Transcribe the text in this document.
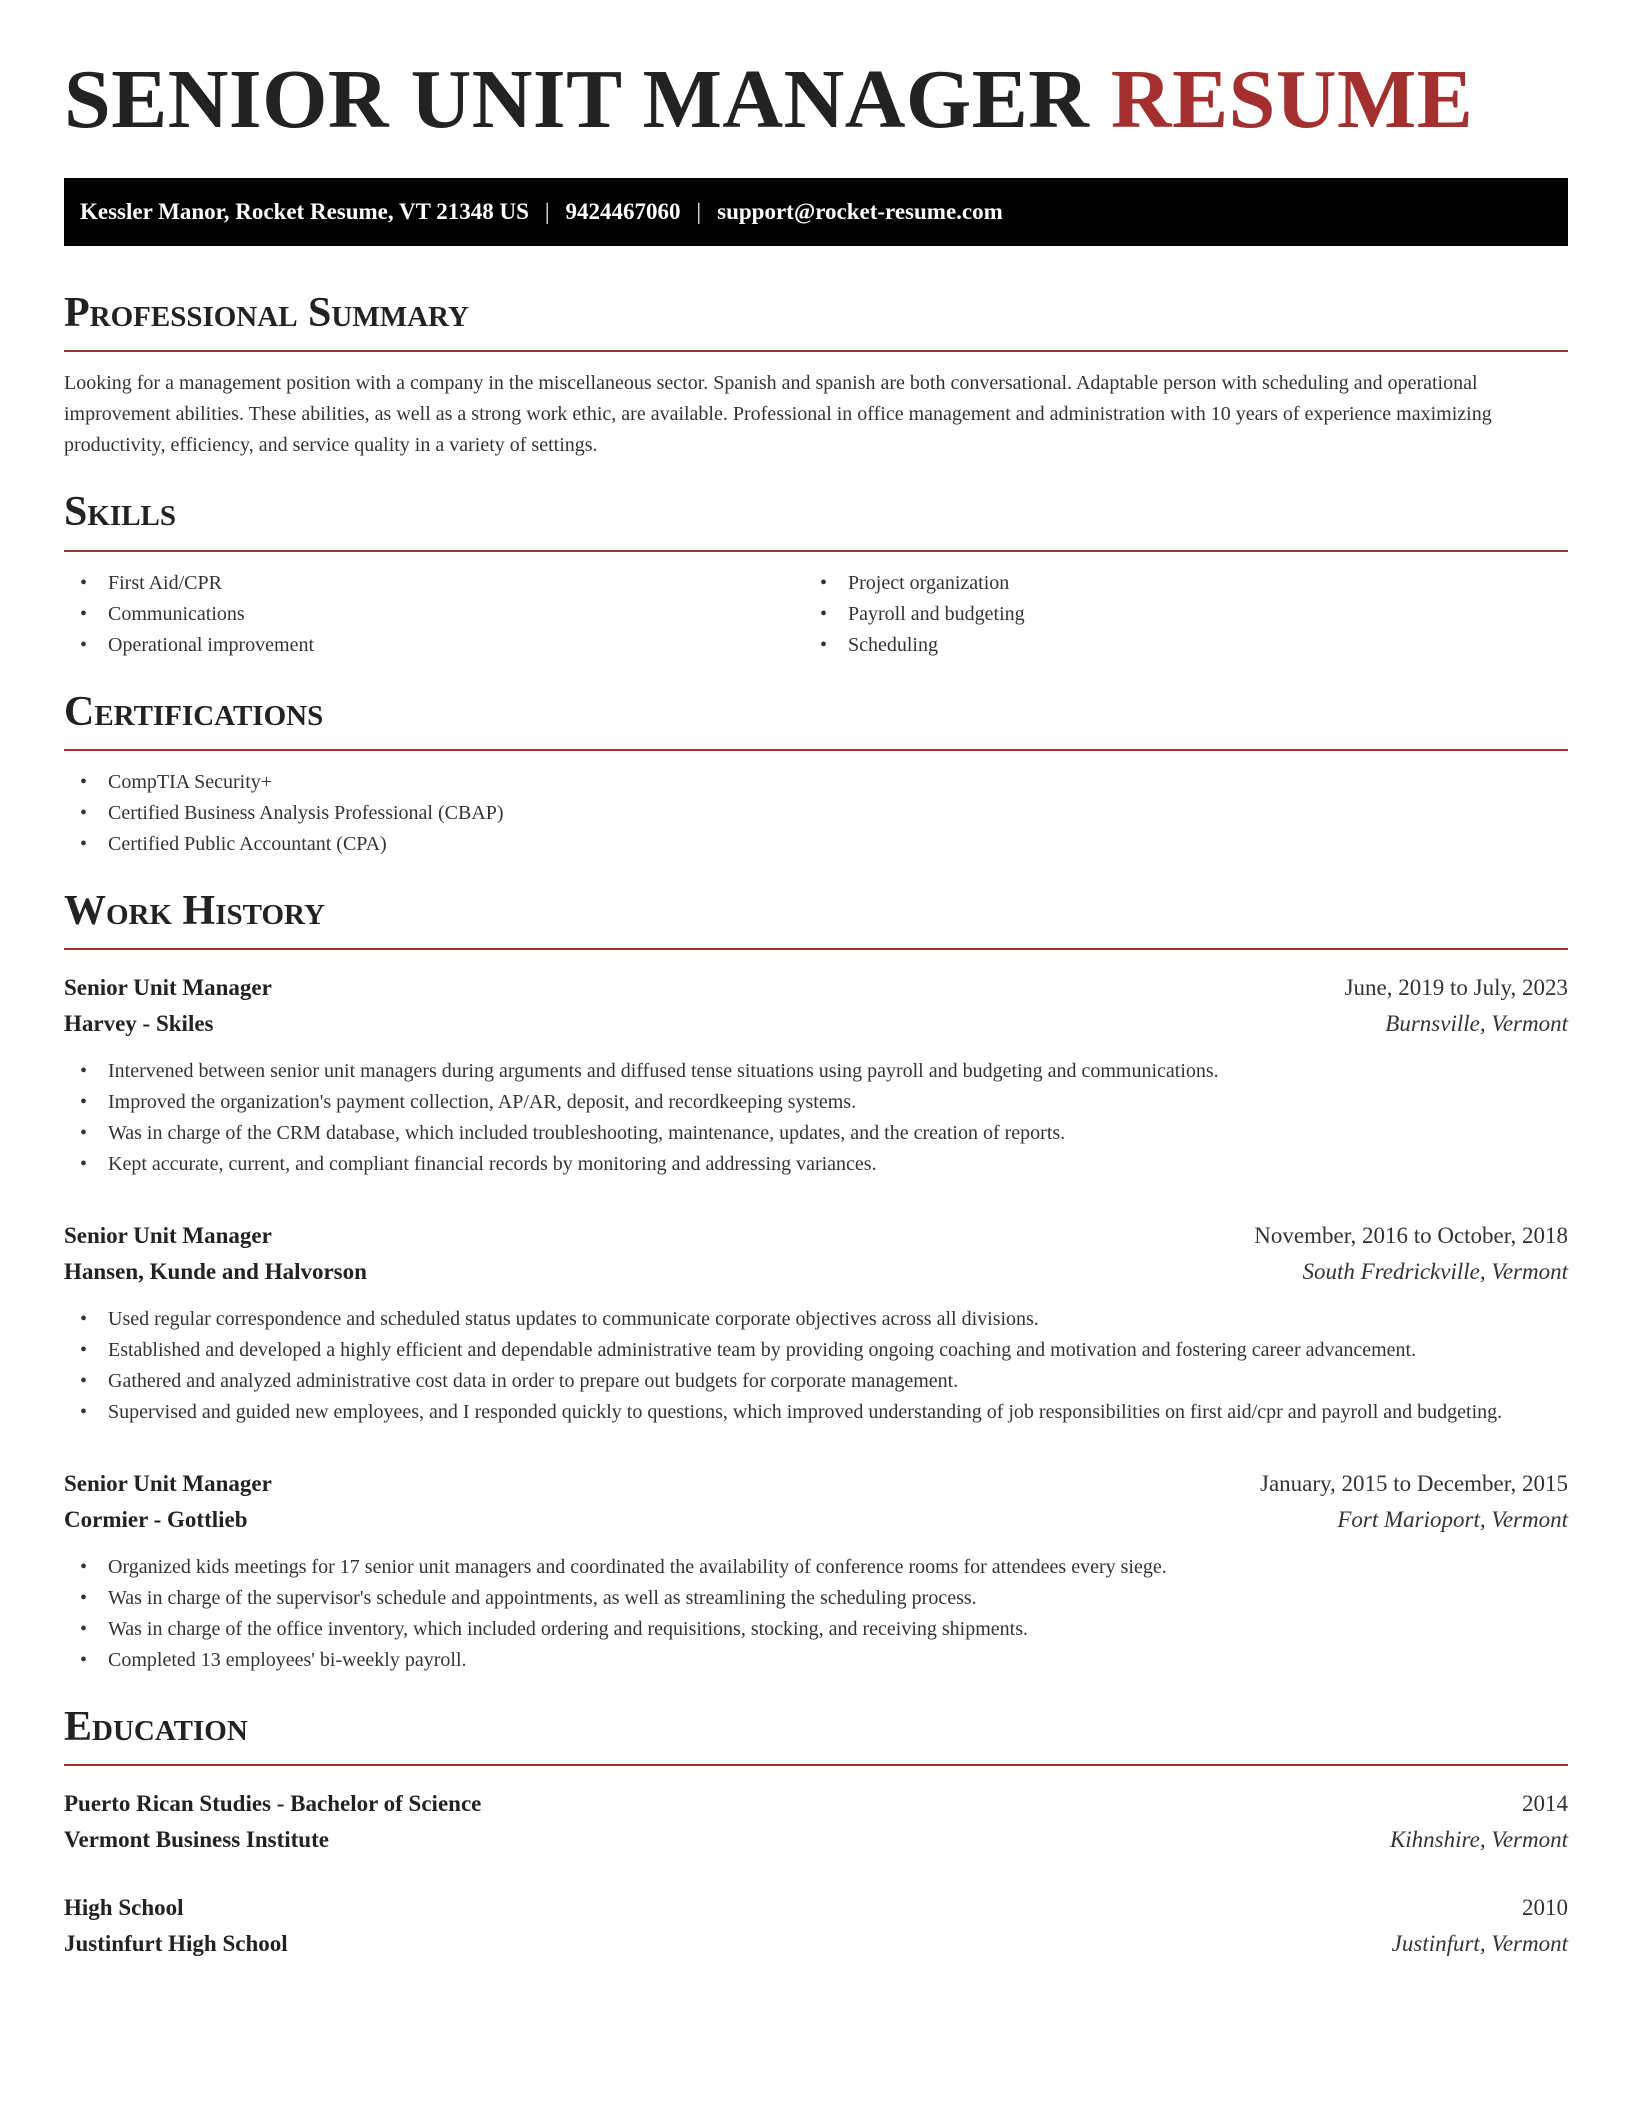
SENIOR UNIT MANAGER RESUME
Kessler Manor, Rocket Resume, VT 21348 US | 9424467060 | support@rocket-resume.com
Professional Summary

Looking for a management position with a company in the miscellaneous sector. Spanish and spanish are both conversational. Adaptable person with scheduling and operational improvement abilities. These abilities, as well as a strong work ethic, are available. Professional in office management and administration with 10 years of experience maximizing productivity, efficiency, and service quality in a variety of settings.

Skills
• First Aid/CPR
• Communications
• Operational improvement
• Project organization
• Payroll and budgeting
• Scheduling
Certifications
• CompTIA Security+
• Certified Business Analysis Professional (CBAP)
• Certified Public Accountant (CPA)
Work History
Senior Unit Manager	June, 2019 to July, 2023
Harvey - Skiles	Burnsville, Vermont
• Intervened between senior unit managers during arguments and diffused tense situations using payroll and budgeting and communications.
• Improved the organization's payment collection, AP/AR, deposit, and recordkeeping systems.
• Was in charge of the CRM database, which included troubleshooting, maintenance, updates, and the creation of reports.
• Kept accurate, current, and compliant financial records by monitoring and addressing variances.
Senior Unit Manager	November, 2016 to October, 2018
Hansen, Kunde and Halvorson	South Fredrickville, Vermont
• Used regular correspondence and scheduled status updates to communicate corporate objectives across all divisions.
• Established and developed a highly efficient and dependable administrative team by providing ongoing coaching and motivation and fostering career advancement.
• Gathered and analyzed administrative cost data in order to prepare out budgets for corporate management.
• Supervised and guided new employees, and I responded quickly to questions, which improved understanding of job responsibilities on first aid/cpr and payroll and budgeting.
Senior Unit Manager	January, 2015 to December, 2015
Cormier - Gottlieb	Fort Marioport, Vermont
• Organized kids meetings for 17 senior unit managers and coordinated the availability of conference rooms for attendees every siege.
• Was in charge of the supervisor's schedule and appointments, as well as streamlining the scheduling process.
• Was in charge of the office inventory, which included ordering and requisitions, stocking, and receiving shipments.
• Completed 13 employees' bi-weekly payroll.
Education
Puerto Rican Studies - Bachelor of Science	2014
Vermont Business Institute	Kihnshire, Vermont
High School	2010
Justinfurt High School	Justinfurt, Vermont
